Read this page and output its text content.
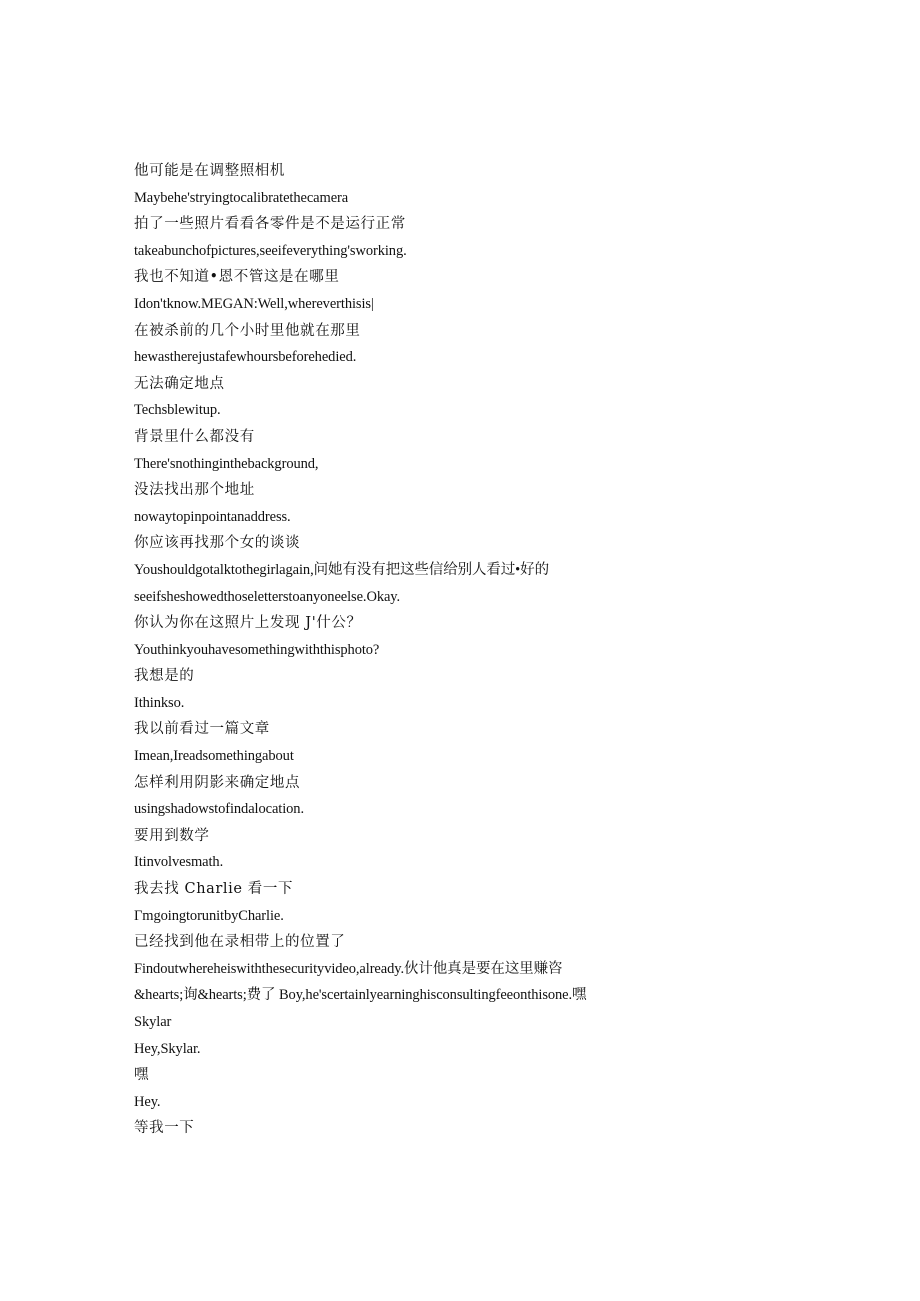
他可能是在调整照相机

Maybehe'stryingtocalibratethecamera

拍了一些照片看看各零件是不是运行正常

takeabunchofpictures,seeifeverything'sworking.

我也不知道•恩不管这是在哪里

Idon'tknow.MEGAN:Well,whereverthisis|

在被杀前的几个小时里他就在那里

hewastherejustafewhoursbeforehedied.

无法确定地点

Techsblewitup.

背景里什么都没有

There'snothinginthebackground,

没法找出那个地址

nowaytopinpointanaddress.

你应该再找那个女的谈谈

Youshouldgotalktothegirlagain,问她有没有把这些信给别人看过•好的

seeifsheshowedthoseletterstoanyoneelse.Okay.

你认为你在这照片上发现 J'什公？

Youthinkyouhavesomethingwiththisphoto?

我想是的

Ithinkso.

我以前看过一篇文章

Imean,Ireadsomethingabout

怎样利用阴影来确定地点

usingshadowstofindalocation.

要用到数学

Itinvolvesmath.

我去找 Charlie 看一下

ΓmgoingtorunitbyCharlie.

已经找到他在录相带上的位置了

Findoutwhereheiswiththesecurityvideo,already.伙计他真是要在这里赚咨

&hearts;询&hearts;费了 Boy,he'scertainlyearninghisconsultingfeeonthisone.嘿

Skylar

Hey,Skylar.

嘿

Hey.

等我一下
